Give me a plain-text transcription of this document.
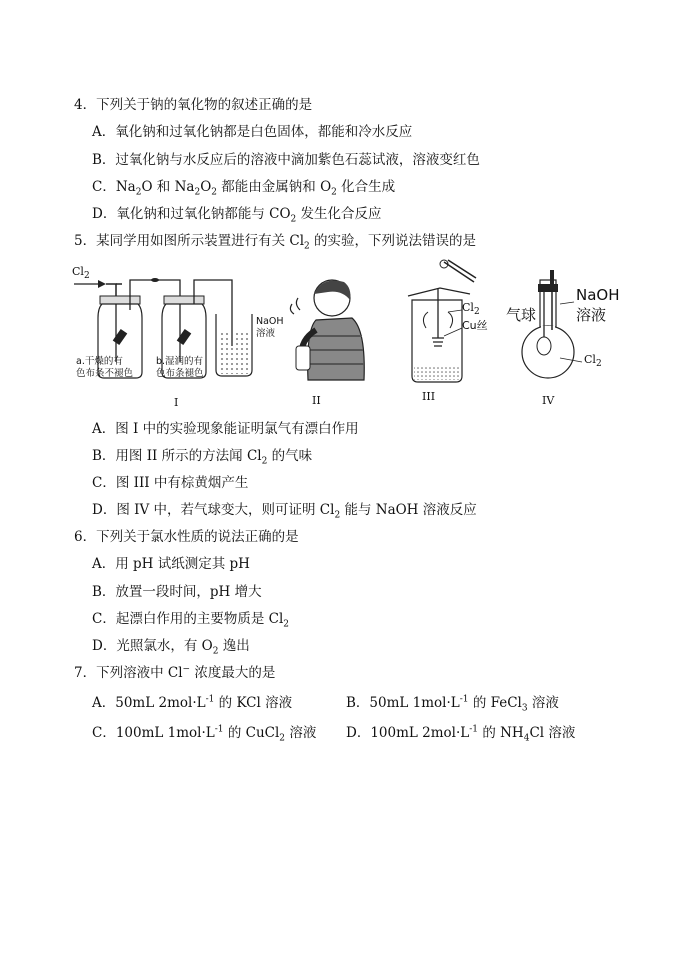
4．下列关于钠的氧化物的叙述正确的是
A．氧化钠和过氧化钠都是白色固体，都能和冷水反应
B．过氧化钠与水反应后的溶液中滴加紫色石蕊试液，溶液变红色
C．$Na_2O$ 和 $Na_2O_2$ 都能由金属钠和 $O_2$ 化合生成
D．氧化钠和过氧化钠都能与 $CO_2$ 发生化合反应
5．某同学用如图所示装置进行有关 $Cl_2$ 的实验，下列说法错误的是
$Cl_2$
NaOH
溶液
a.干燥的有
色布条不褪色
b.湿润的有
色布条褪色
I	II
$Cl_2$
Cu丝
III
NaOH
溶液
气球
$Cl_2$
IV
A．图 I 中的实验现象能证明氯气有漂白作用
B．用图 II 所示的方法闻 $Cl_2$ 的气味
C．图 III 中有棕黄烟产生
D．图 IV 中，若气球变大，则可证明 $Cl_2$ 能与 NaOH 溶液反应
6．下列关于氯水性质的说法正确的是
A．用 pH 试纸测定其 pH
B．放置一段时间，pH 增大
C．起漂白作用的主要物质是 $Cl_2$
D．光照氯水，有 $O_2$ 逸出
7．下列溶液中 Cl− 浓度最大的是
A．50mL $2mol\cdot L^{-1}$ 的 KCl 溶液	B．50mL $1mol\cdot L^{-1}$ 的 FeCl$_3$ 溶液
C．100mL $1mol\cdot L^{-1}$ 的 CuCl$_2$ 溶液 D．100mL $2mol\cdot L^{-1}$ 的 $NH_4Cl$ 溶液
